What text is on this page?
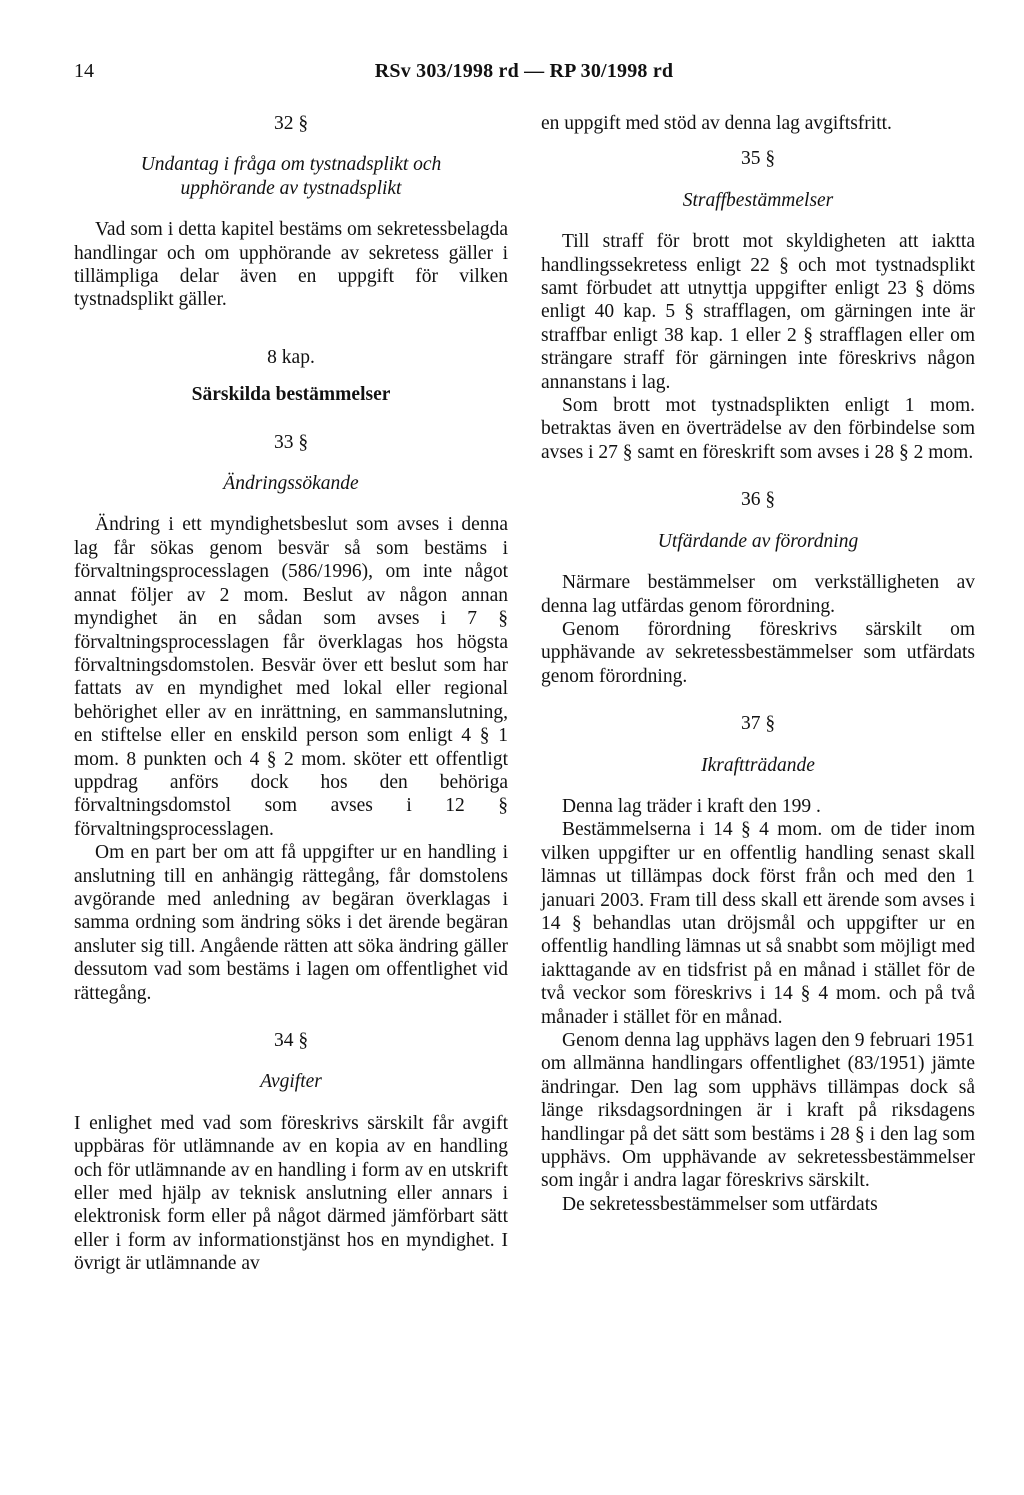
14	RSv 303/1998 rd — RP 30/1998 rd

32 §

Undantag i fråga om tystnadsplikt och upphörande av tystnadsplikt

Vad som i detta kapitel bestäms om sekretessbelagda handlingar och om upphörande av sekretess gäller i tillämpliga delar även en uppgift för vilken tystnadsplikt gäller.

8 kap.

Särskilda bestämmelser

33 §

Ändringssökande

Ändring i ett myndighetsbeslut som avses i denna lag får sökas genom besvär så som bestäms i förvaltningsprocesslagen (586/1996), om inte något annat följer av 2 mom. Beslut av någon annan myndighet än en sådan som avses i 7 § förvaltningsprocesslagen får överklagas hos högsta förvaltningsdomstolen. Besvär över ett beslut som har fattats av en myndighet med lokal eller regional behörighet eller av en inrättning, en sammanslutning, en stiftelse eller en enskild person som enligt 4 § 1 mom. 8 punkten och 4 § 2 mom. sköter ett offentligt uppdrag anförs dock hos den behöriga förvaltningsdomstol som avses i 12 § förvaltningsprocesslagen.

Om en part ber om att få uppgifter ur en handling i anslutning till en anhängig rättegång, får domstolens avgörande med anledning av begäran överklagas i samma ordning som ändring söks i det ärende begäran ansluter sig till. Angående rätten att söka ändring gäller dessutom vad som bestäms i lagen om offentlighet vid rättegång.

34 §

Avgifter

I enlighet med vad som föreskrivs särskilt får avgift uppbäras för utlämnande av en kopia av en handling och för utlämnande av en handling i form av en utskrift eller med hjälp av teknisk anslutning eller annars i elektronisk form eller på något därmed jämförbart sätt eller i form av informationstjänst hos en myndighet. I övrigt är utlämnande av

en uppgift med stöd av denna lag avgiftsfritt.

35 §

Straffbestämmelser

Till straff för brott mot skyldigheten att iaktta handlingssekretess enligt 22 § och mot tystnadsplikt samt förbudet att utnyttja uppgifter enligt 23 § döms enligt 40 kap. 5 § strafflagen, om gärningen inte är straffbar enligt 38 kap. 1 eller 2 § strafflagen eller om strängare straff för gärningen inte föreskrivs någon annanstans i lag.

Som brott mot tystnadsplikten enligt 1 mom. betraktas även en överträdelse av den förbindelse som avses i 27 § samt en föreskrift som avses i 28 § 2 mom.

36 §

Utfärdande av förordning

Närmare bestämmelser om verkställigheten av denna lag utfärdas genom förordning.

Genom förordning föreskrivs särskilt om upphävande av sekretessbestämmelser som utfärdats genom förordning.

37 §

Ikraftträdande

Denna lag träder i kraft den 199 .

Bestämmelserna i 14 § 4 mom. om de tider inom vilken uppgifter ur en offentlig handling senast skall lämnas ut tillämpas dock först från och med den 1 januari 2003. Fram till dess skall ett ärende som avses i 14 § behandlas utan dröjsmål och uppgifter ur en offentlig handling lämnas ut så snabbt som möjligt med iakttagande av en tidsfrist på en månad i stället för de två veckor som föreskrivs i 14 § 4 mom. och på två månader i stället för en månad.

Genom denna lag upphävs lagen den 9 februari 1951 om allmänna handlingars offentlighet (83/1951) jämte ändringar. Den lag som upphävs tillämpas dock så länge riksdagsordningen är i kraft på riksdagens handlingar på det sätt som bestäms i 28 § i den lag som upphävs. Om upphävande av sekretessbestämmelser som ingår i andra lagar föreskrivs särskilt.

De sekretessbestämmelser som utfärdats
